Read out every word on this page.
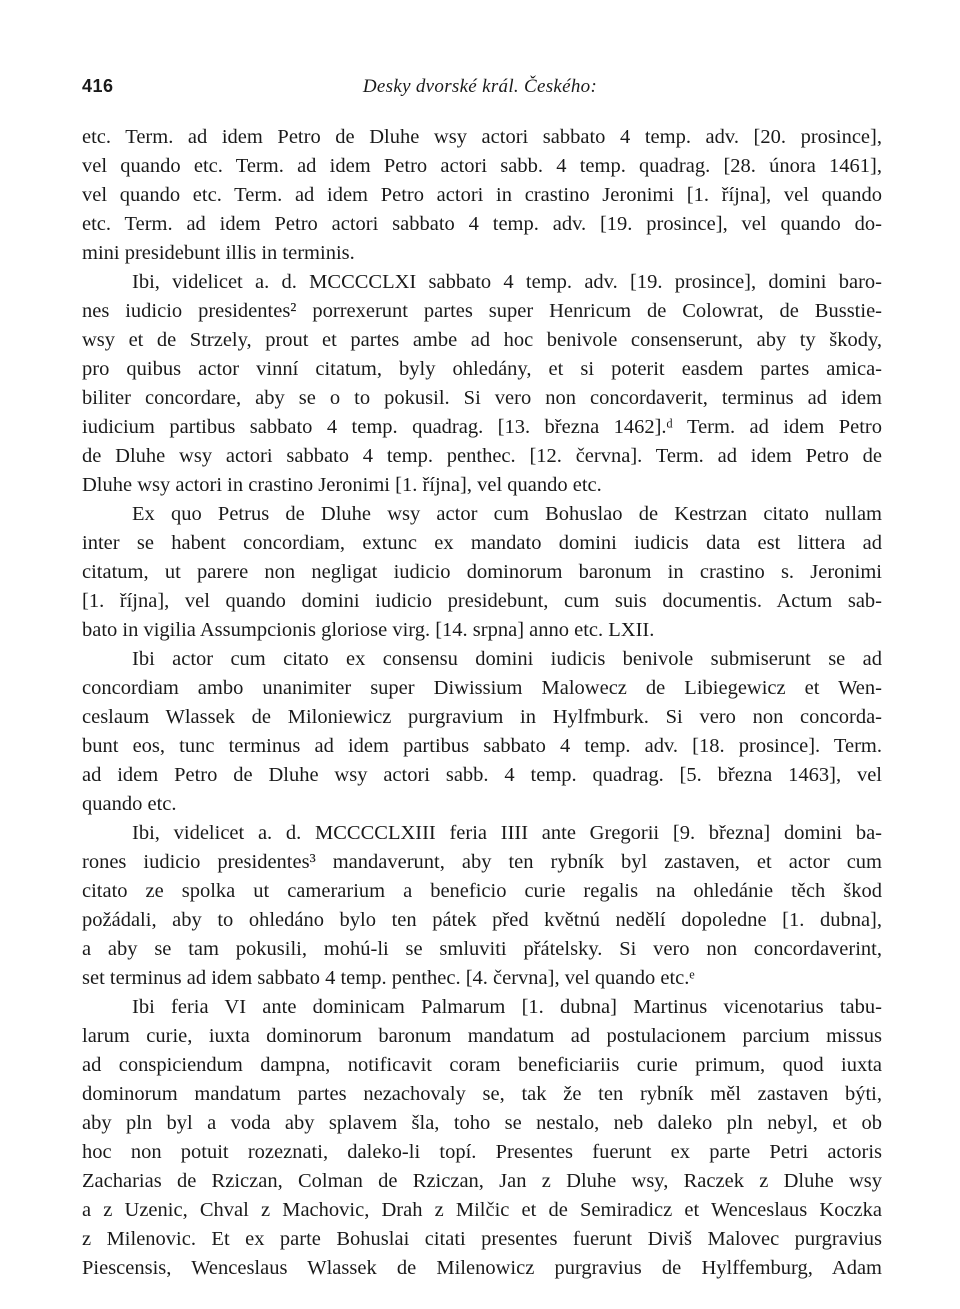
416	Desky dvorské král. Českého:
etc. Term. ad idem Petro de Dluhe wsy actori sabbato 4 temp. adv. [20. prosince],
vel quando etc. Term. ad idem Petro actori sabb. 4 temp. quadrag. [28. února 1461],
vel quando etc. Term. ad idem Petro actori in crastino Jeronimi [1. října], vel quando
etc. Term. ad idem Petro actori sabbato 4 temp. adv. [19. prosince], vel quando do-
mini presidebunt illis in terminis.
Ibi, videlicet a. d. MCCCCLXI sabbato 4 temp. adv. [19. prosince], domini baro-
nes iudicio presidentes² porrexerunt partes super Henricum de Colowrat, de Busstie-
wsy et de Strzely, prout et partes ambe ad hoc benivole consenserunt, aby ty škody,
pro quibus actor vinní citatum, byly ohledány, et si poterit easdem partes amica-
biliter concordare, aby se o to pokusil. Si vero non concordaverit, terminus ad idem
iudicium partibus sabbato 4 temp. quadrag. [13. března 1462].ᵈ Term. ad idem Petro
de Dluhe wsy actori sabbato 4 temp. penthec. [12. června]. Term. ad idem Petro de
Dluhe wsy actori in crastino Jeronimi [1. října], vel quando etc.
Ex quo Petrus de Dluhe wsy actor cum Bohuslao de Kestrzan citato nullam
inter se habent concordiam, extunc ex mandato domini iudicis data est littera ad
citatum, ut parere non negligat iudicio dominorum baronum in crastino s. Jeronimi
[1. října], vel quando domini iudicio presidebunt, cum suis documentis. Actum sab-
bato in vigilia Assumpcionis gloriose virg. [14. srpna] anno etc. LXII.
Ibi actor cum citato ex consensu domini iudicis benivole submiserunt se ad
concordiam ambo unanimiter super Diwissium Malowecz de Libiegewicz et Wen-
ceslaum Wlassek de Miloniewicz purgravium in Hylfmburk. Si vero non concorda-
bunt eos, tunc terminus ad idem partibus sabbato 4 temp. adv. [18. prosince]. Term.
ad idem Petro de Dluhe wsy actori sabb. 4 temp. quadrag. [5. března 1463], vel
quando etc.
Ibi, videlicet a. d. MCCCCLXIII feria IIII ante Gregorii [9. března] domini ba-
rones iudicio presidentes³ mandaverunt, aby ten rybník byl zastaven, et actor cum
citato ze spolka ut camerarium a beneficio curie regalis na ohledánie těch škod
požádali, aby to ohledáno bylo ten pátek před květnú nedělí dopoledne [1. dubna],
a aby se tam pokusili, mohú-li se smluviti přátelsky. Si vero non concordaverint,
set terminus ad idem sabbato 4 temp. penthec. [4. června], vel quando etc.ᵉ
Ibi feria VI ante dominicam Palmarum [1. dubna] Martinus vicenotarius tabu-
larum curie, iuxta dominorum baronum mandatum ad postulacionem parcium missus
ad conspiciendum dampna, notificavit coram beneficiariis curie primum, quod iuxta
dominorum mandatum partes nezachovaly se, tak že ten rybník měl zastaven býti,
aby pln byl a voda aby splavem šla, toho se nestalo, neb daleko pln nebyl, et ob
hoc non potuit rozeznati, daleko-li topí. Presentes fuerunt ex parte Petri actoris
Zacharias de Rziczan, Colman de Rziczan, Jan z Dluhe wsy, Raczek z Dluhe wsy
a z Uzenic, Chval z Machovic, Drah z Milčic et de Semiradicz et Wenceslaus Koczka
z Milenovic. Et ex parte Bohuslai citati presentes fuerunt Diviš Malovec purgravius
Piescensis, Wenceslaus Wlassek de Milenowicz purgravius de Hylffemburg, Adam
